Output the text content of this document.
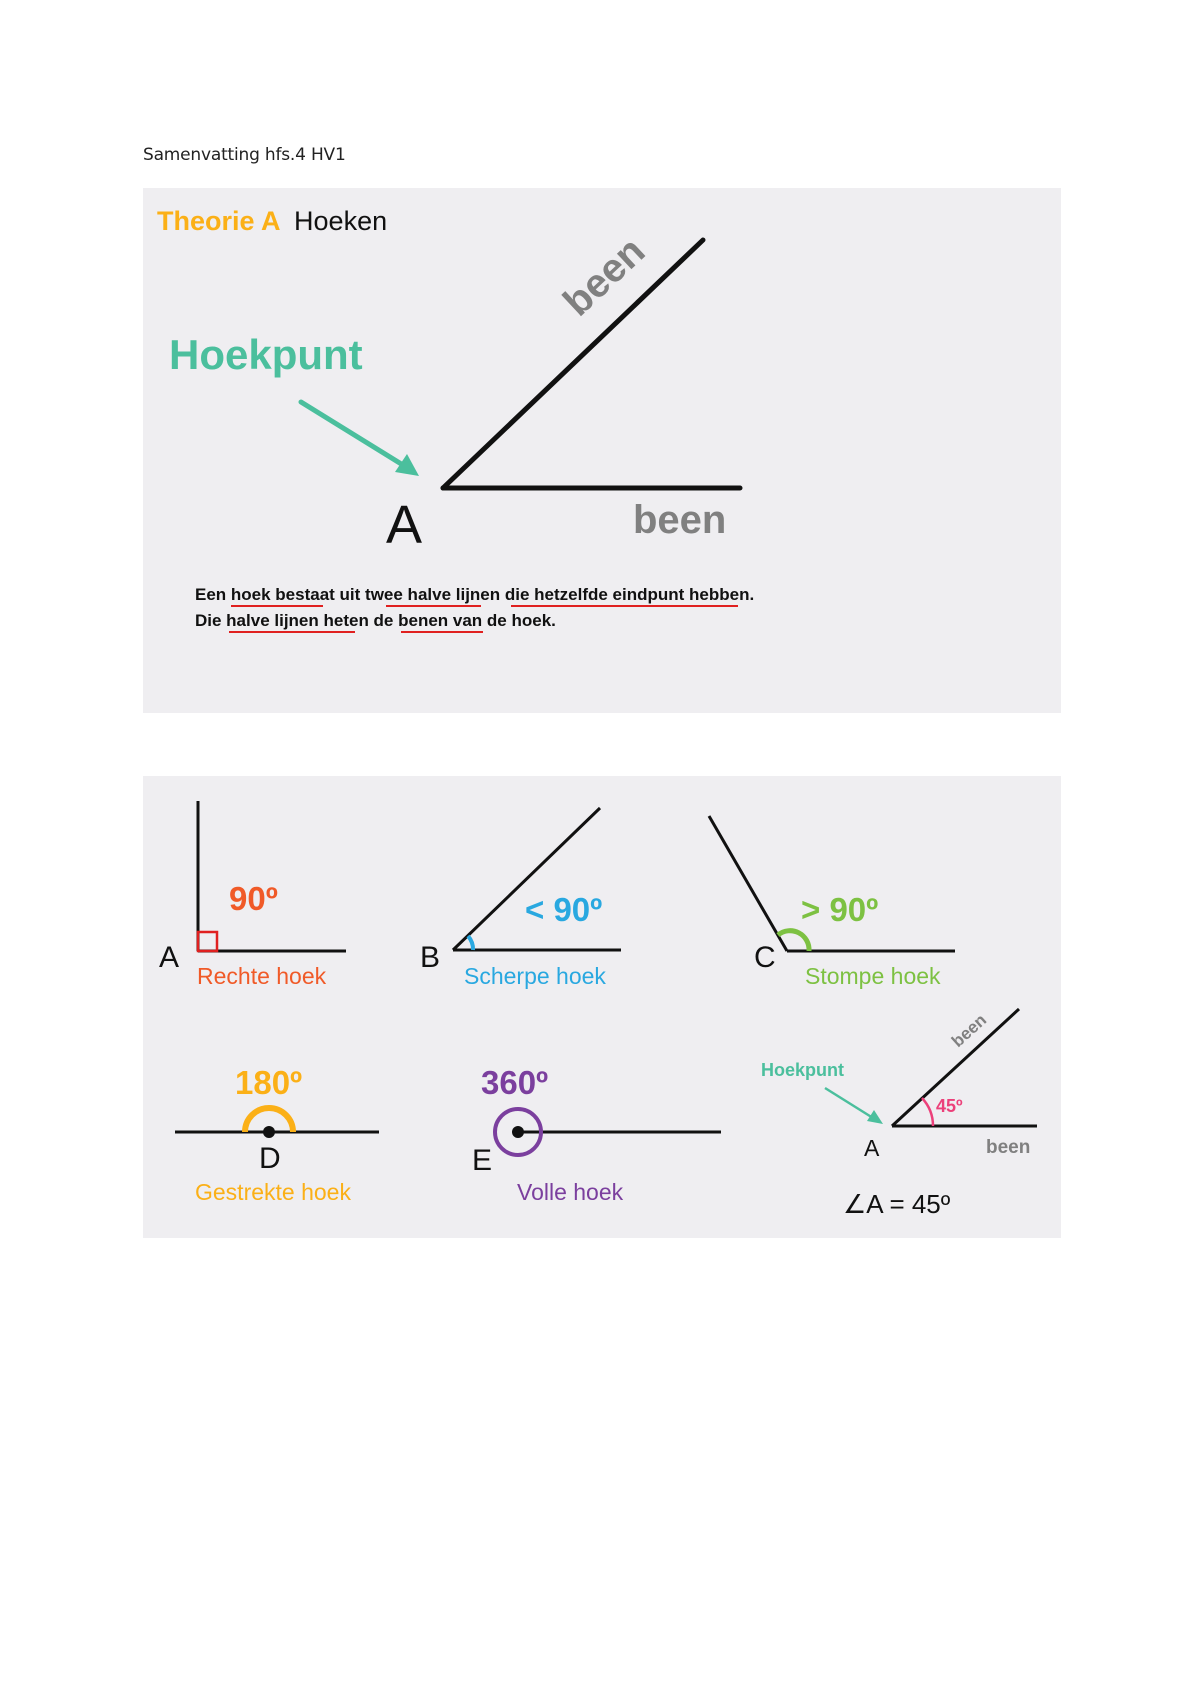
Samenvatting hfs.4 HV1
Theorie A Hoeken
Hoekpunt
A
been
been
Een hoek bestaat uit twee halve lijnen die hetzelfde eindpunt hebben.
Die halve lijnen heten de benen van de hoek.
90º
A
Rechte hoek
< 90º
B
Scherpe hoek
> 90º
C
Stompe hoek
180º
D
Gestrekte hoek
360º
E
Volle hoek
45º
Hoekpunt
A
been
been
∠A = 45º
